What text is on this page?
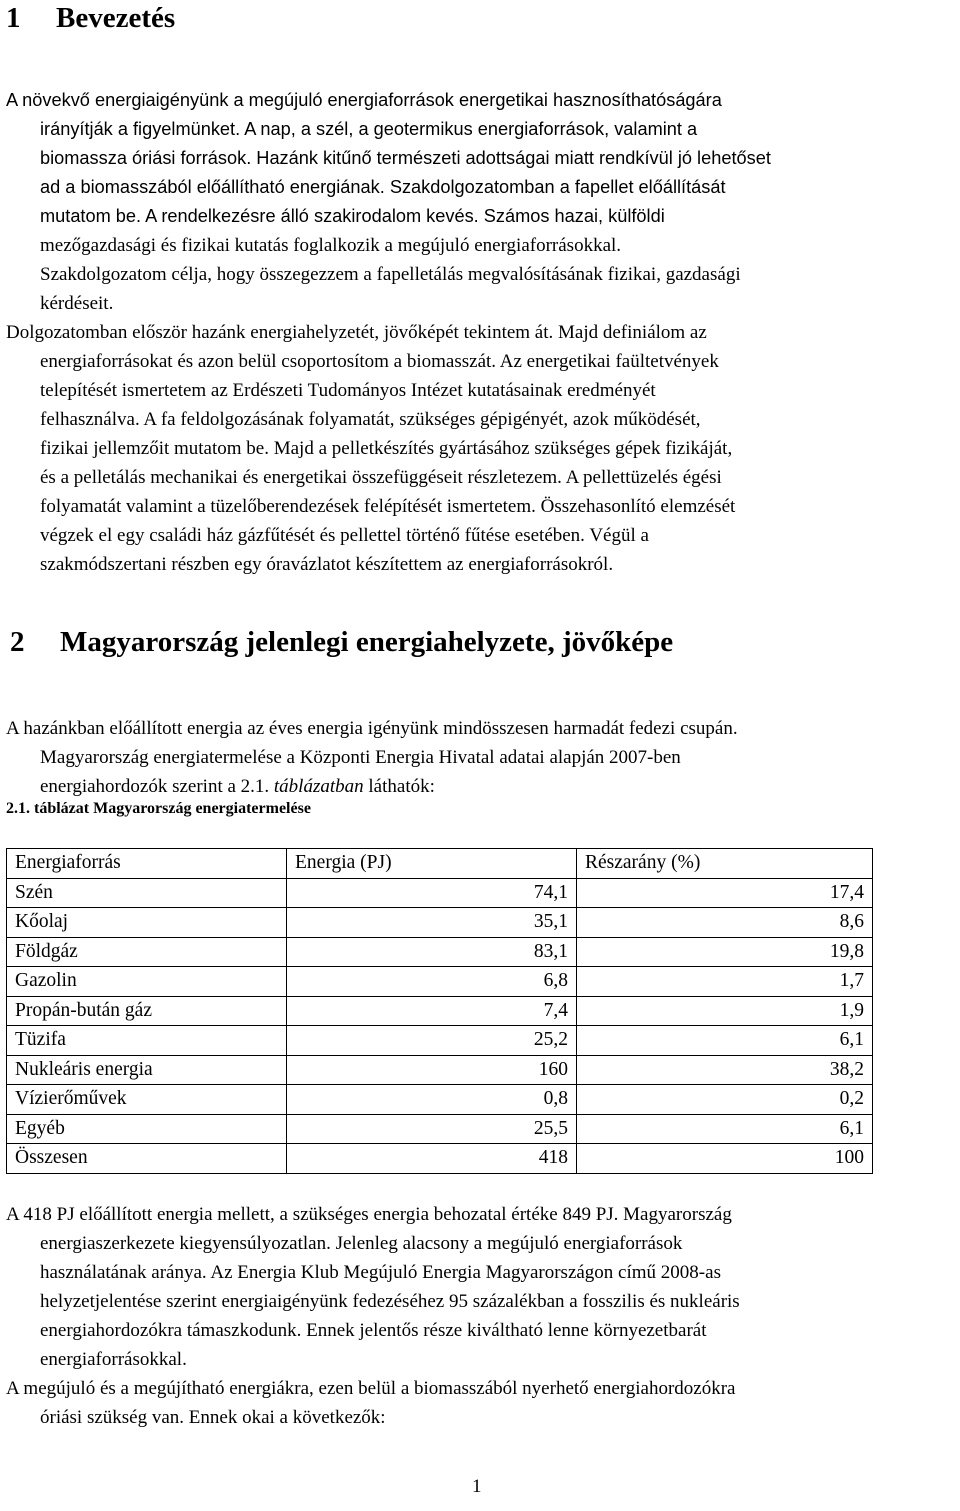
1 Bevezetés
A növekvő energiaigényünk a megújuló energiaforrások energetikai hasznosíthatóságára
irányítják a figyelmünket. A nap, a szél, a geotermikus energiaforrások, valamint a
biomassza óriási források. Hazánk kitűnő természeti adottságai miatt rendkívül jó lehetőset
ad a biomasszából előállítható energiának. Szakdolgozatomban a fapellet előállítását
mutatom be. A rendelkezésre álló szakirodalom kevés. Számos hazai, külföldi
mezőgazdasági és fizikai kutatás foglalkozik a megújuló energiaforrásokkal.
Szakdolgozatom célja, hogy összegezzem a fapelletálás megvalósításának fizikai, gazdasági
kérdéseit.
Dolgozatomban először hazánk energiahelyzetét, jövőképét tekintem át. Majd definiálom az
energiaforrásokat és azon belül csoportosítom a biomasszát. Az energetikai faültetvények
telepítését ismertetem az Erdészeti Tudományos Intézet kutatásainak eredményét
felhasználva. A fa feldolgozásának folyamatát, szükséges gépigényét, azok működését,
fizikai jellemzőit mutatom be. Majd a pelletkészítés gyártásához szükséges gépek fizikáját,
és a pelletálás mechanikai és energetikai összefüggéseit részletezem. A pellettüzelés égési
folyamatát valamint a tüzelőberendezések felépítését ismertetem. Összehasonlító elemzését
végzek el egy családi ház gázfűtését és pellettel történő fűtése esetében. Végül a
szakmódszertani részben egy óravázlatot készítettem az energiaforrásokról.
2 Magyarország jelenlegi energiahelyzete, jövőképe
A hazánkban előállított energia az éves energia igényünk mindösszesen harmadát fedezi csupán.
Magyarország energiatermelése a Központi Energia Hivatal adatai alapján 2007-ben
energiahordozók szerint a 2.1. táblázatban láthatók:

2.1. táblázat Magyarország energiatermelése

Energiaforrás	Energia (PJ)	Részarány (%)
Szén	74,1	17,4
Kőolaj	35,1	8,6
Földgáz	83,1	19,8
Gazolin	6,8	1,7
Propán-bután gáz	7,4	1,9
Tüzifa	25,2	6,1
Nukleáris energia	160	38,2
Vízierőművek	0,8	0,2
Egyéb	25,5	6,1
Összesen	418	100
A 418 PJ előállított energia mellett, a szükséges energia behozatal értéke 849 PJ. Magyarország
energiaszerkezete kiegyensúlyozatlan. Jelenleg alacsony a megújuló energiaforrások
használatának aránya. Az Energia Klub Megújuló Energia Magyarországon című 2008-as
helyzetjelentése szerint energiaigényünk fedezéséhez 95 százalékban a fosszilis és nukleáris
energiahordozókra támaszkodunk. Ennek jelentős része kiváltható lenne környezetbarát
energiaforrásokkal.
A megújuló és a megújítható energiákra, ezen belül a biomasszából nyerhető energiahordozókra
óriási szükség van. Ennek okai a következők:

1
